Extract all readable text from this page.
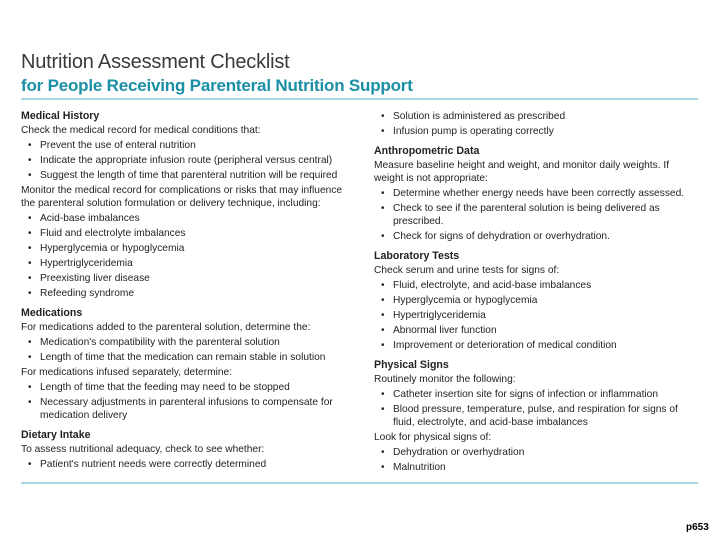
Nutrition Assessment Checklist
for People Receiving Parenteral Nutrition Support
Medical History
Check the medical record for medical conditions that:
• Prevent the use of enteral nutrition
• Indicate the appropriate infusion route (peripheral versus central)
• Suggest the length of time that parenteral nutrition will be required
Monitor the medical record for complications or risks that may influence the parenteral solution formulation or delivery technique, including:
• Acid-base imbalances
• Fluid and electrolyte imbalances
• Hyperglycemia or hypoglycemia
• Hypertriglyceridemia
• Preexisting liver disease
• Refeeding syndrome
Medications
For medications added to the parenteral solution, determine the:
• Medication's compatibility with the parenteral solution
• Length of time that the medication can remain stable in solution
For medications infused separately, determine:
• Length of time that the feeding may need to be stopped
• Necessary adjustments in parenteral infusions to compensate for medication delivery
Dietary Intake
To assess nutritional adequacy, check to see whether:
• Patient's nutrient needs were correctly determined
• Solution is administered as prescribed
• Infusion pump is operating correctly
Anthropometric Data
Measure baseline height and weight, and monitor daily weights. If weight is not appropriate:
• Determine whether energy needs have been correctly assessed.
• Check to see if the parenteral solution is being delivered as prescribed.
• Check for signs of dehydration or overhydration.
Laboratory Tests
Check serum and urine tests for signs of:
• Fluid, electrolyte, and acid-base imbalances
• Hyperglycemia or hypoglycemia
• Hypertriglyceridemia
• Abnormal liver function
• Improvement or deterioration of medical condition
Physical Signs
Routinely monitor the following:
• Catheter insertion site for signs of infection or inflammation
• Blood pressure, temperature, pulse, and respiration for signs of fluid, electrolyte, and acid-base imbalances
Look for physical signs of:
• Dehydration or overhydration
• Malnutrition
p653
